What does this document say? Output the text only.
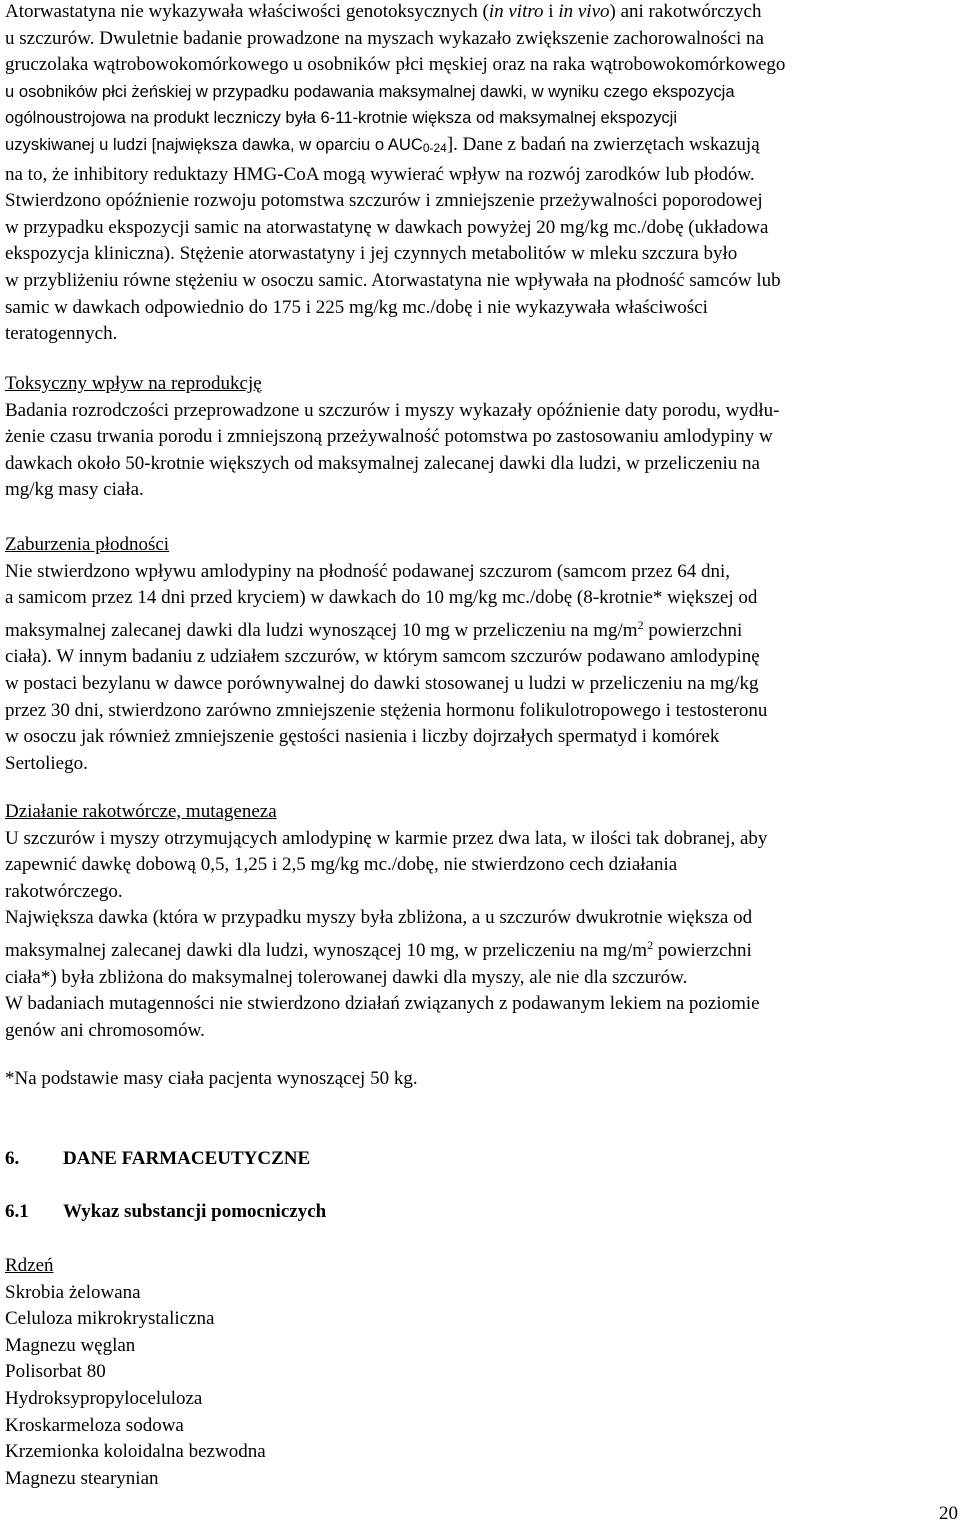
Atorwastatyna nie wykazywała właściwości genotoksycznych (in vitro i in vivo) ani rakotwórczych
u szczurów. Dwuletnie badanie prowadzone na myszach wykazało zwiększenie zachorowalności na
gruczolaka wątrobowokomórkowego u osobników płci męskiej oraz na raka wątrobowokomórkowego
u osobników płci żeńskiej w przypadku podawania maksymalnej dawki, w wyniku czego ekspozycja
ogólnoustrojowa na produkt leczniczy była 6-11-krotnie większa od maksymalnej ekspozycji
uzyskiwanej u ludzi [największa dawka, w oparciu o AUC0-24]. Dane z badań na zwierzętach wskazują
na to, że inhibitory reduktazy HMG-CoA mogą wywierać wpływ na rozwój zarodków lub płodów.
Stwierdzono opóźnienie rozwoju potomstwa szczurów i zmniejszenie przeżywalności poporodowej
w przypadku ekspozycji samic na atorwastatynę w dawkach powyżej 20 mg/kg mc./dobę (układowa
ekspozycja kliniczna). Stężenie atorwastatyny i jej czynnych metabolitów w mleku szczura było
w przybliżeniu równe stężeniu w osoczu samic. Atorwastatyna nie wpływała na płodność samców lub
samic w dawkach odpowiednio do 175 i 225 mg/kg mc./dobę i nie wykazywała właściwości
teratogennych.
Toksyczny wpływ na reprodukcję
Badania rozrodczości przeprowadzone u szczurów i myszy wykazały opóźnienie daty porodu, wydłu-
żenie czasu trwania porodu i zmniejszoną przeżywalność potomstwa po zastosowaniu amlodypiny w
dawkach około 50-krotnie większych od maksymalnej zalecanej dawki dla ludzi, w przeliczeniu na
mg/kg masy ciała.
Zaburzenia płodności
Nie stwierdzono wpływu amlodypiny na płodność podawanej szczurom (samcom przez 64 dni,
a samicom przez 14 dni przed kryciem) w dawkach do 10 mg/kg mc./dobę (8-krotnie* większej od
maksymalnej zalecanej dawki dla ludzi wynoszącej 10 mg w przeliczeniu na $mg/m^2$ powierzchni
ciała). W innym badaniu z udziałem szczurów, w którym samcom szczurów podawano amlodypinę
w postaci bezylanu w dawce porównywalnej do dawki stosowanej u ludzi w przeliczeniu na mg/kg
przez 30 dni, stwierdzono zarówno zmniejszenie stężenia hormonu folikulotropowego i testosteronu
w osoczu jak również zmniejszenie gęstości nasienia i liczby dojrzałych spermatyd i komórek
Sertoliego.
Działanie rakotwórcze, mutageneza
U szczurów i myszy otrzymujących amlodypinę w karmie przez dwa lata, w ilości tak dobranej, aby
zapewnić dawkę dobową 0,5, 1,25 i 2,5 mg/kg mc./dobę, nie stwierdzono cech działania
rakotwórczego.
Największa dawka (która w przypadku myszy była zbliżona, a u szczurów dwukrotnie większa od
maksymalnej zalecanej dawki dla ludzi, wynoszącej 10 mg, w przeliczeniu na $mg/m^2$ powierzchni
ciała*) była zbliżona do maksymalnej tolerowanej dawki dla myszy, ale nie dla szczurów.
W badaniach mutagenności nie stwierdzono działań związanych z podawanym lekiem na poziomie
genów ani chromosomów.
*Na podstawie masy ciała pacjenta wynoszącej 50 kg.
6. DANE FARMACEUTYCZNE
6.1 Wykaz substancji pomocniczych
Rdzeń
Skrobia żelowana
Celuloza mikrokrystaliczna
Magnezu węglan
Polisorbat 80
Hydroksypropyloceluloza
Kroskarmeloza sodowa
Krzemionka koloidalna bezwodna
Magnezu stearynian
20
